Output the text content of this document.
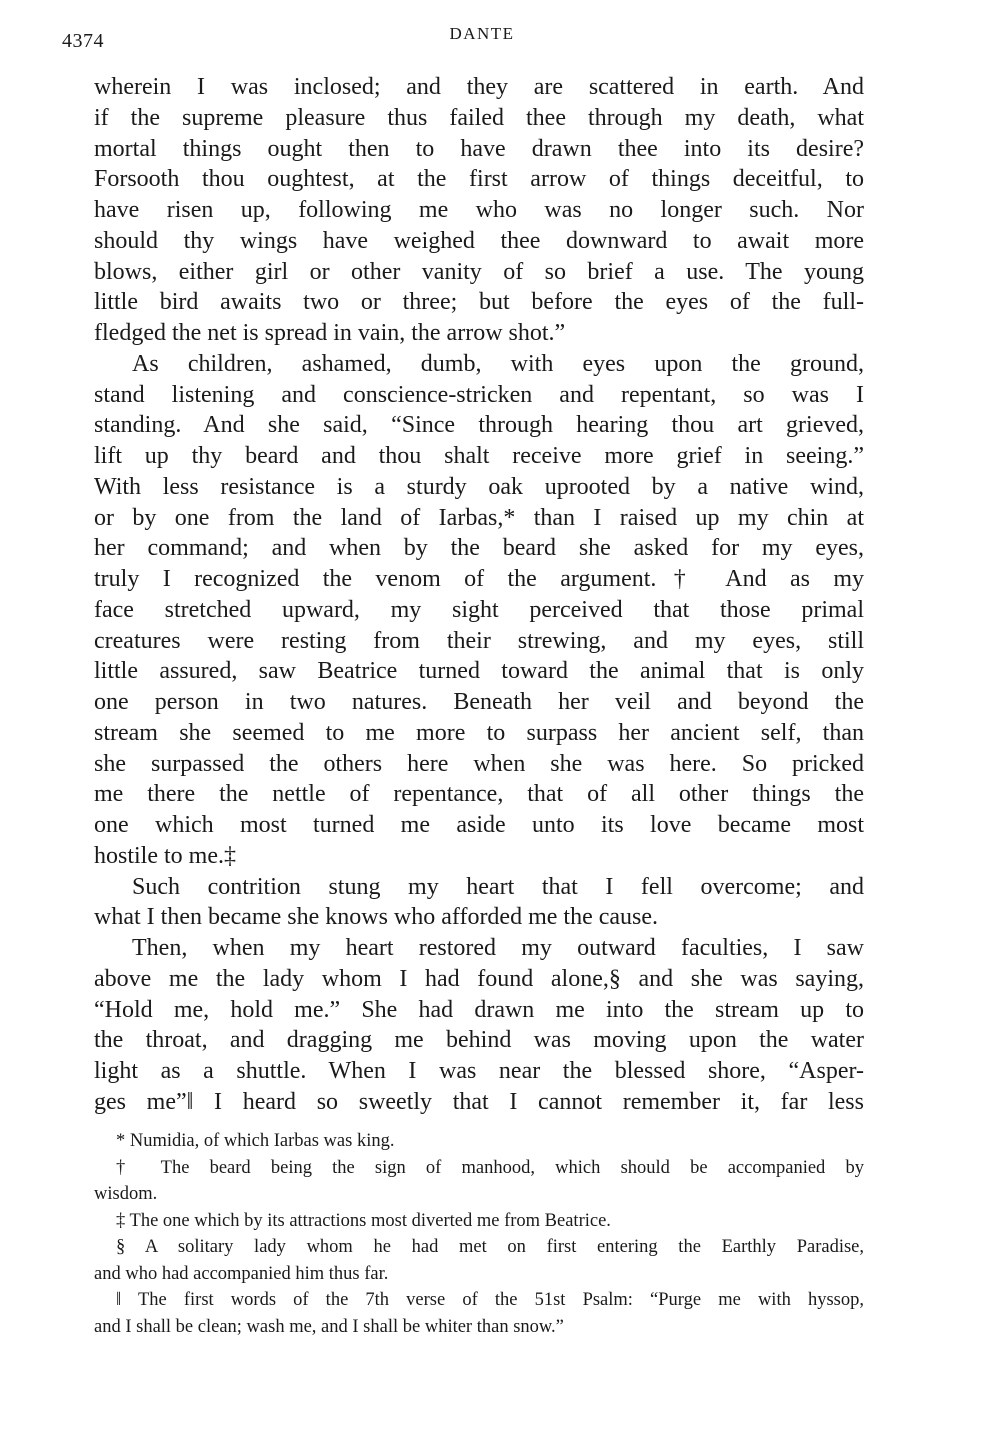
4374	DANTE
wherein I was inclosed; and they are scattered in earth. And
if the supreme pleasure thus failed thee through my death, what
mortal things ought then to have drawn thee into its desire?
Forsooth thou oughtest, at the first arrow of things deceitful, to
have risen up, following me who was no longer such. Nor
should thy wings have weighed thee downward to await more
blows, either girl or other vanity of so brief a use. The young
little bird awaits two or three; but before the eyes of the full-
fledged the net is spread in vain, the arrow shot.”
As children, ashamed, dumb, with eyes upon the ground,
stand listening and conscience-stricken and repentant, so was I
standing. And she said, “Since through hearing thou art grieved,
lift up thy beard and thou shalt receive more grief in seeing.”
With less resistance is a sturdy oak uprooted by a native wind,
or by one from the land of Iarbas,* than I raised up my chin at
her command; and when by the beard she asked for my eyes,
truly I recognized the venom of the argument.† And as my
face stretched upward, my sight perceived that those primal
creatures were resting from their strewing, and my eyes, still
little assured, saw Beatrice turned toward the animal that is only
one person in two natures. Beneath her veil and beyond the
stream she seemed to me more to surpass her ancient self, than
she surpassed the others here when she was here. So pricked
me there the nettle of repentance, that of all other things the
one which most turned me aside unto its love became most
hostile to me.‡
Such contrition stung my heart that I fell overcome; and
what I then became she knows who afforded me the cause.
Then, when my heart restored my outward faculties, I saw
above me the lady whom I had found alone,§ and she was saying,
“Hold me, hold me.” She had drawn me into the stream up to
the throat, and dragging me behind was moving upon the water
light as a shuttle. When I was near the blessed shore, “Asper-
ges me”‖ I heard so sweetly that I cannot remember it, far less
* Numidia, of which Iarbas was king.
† The beard being the sign of manhood, which should be accompanied by
wisdom.
‡ The one which by its attractions most diverted me from Beatrice.
§ A solitary lady whom he had met on first entering the Earthly Paradise,
and who had accompanied him thus far.
‖ The first words of the 7th verse of the 51st Psalm: “Purge me with hyssop,
and I shall be clean; wash me, and I shall be whiter than snow.”
